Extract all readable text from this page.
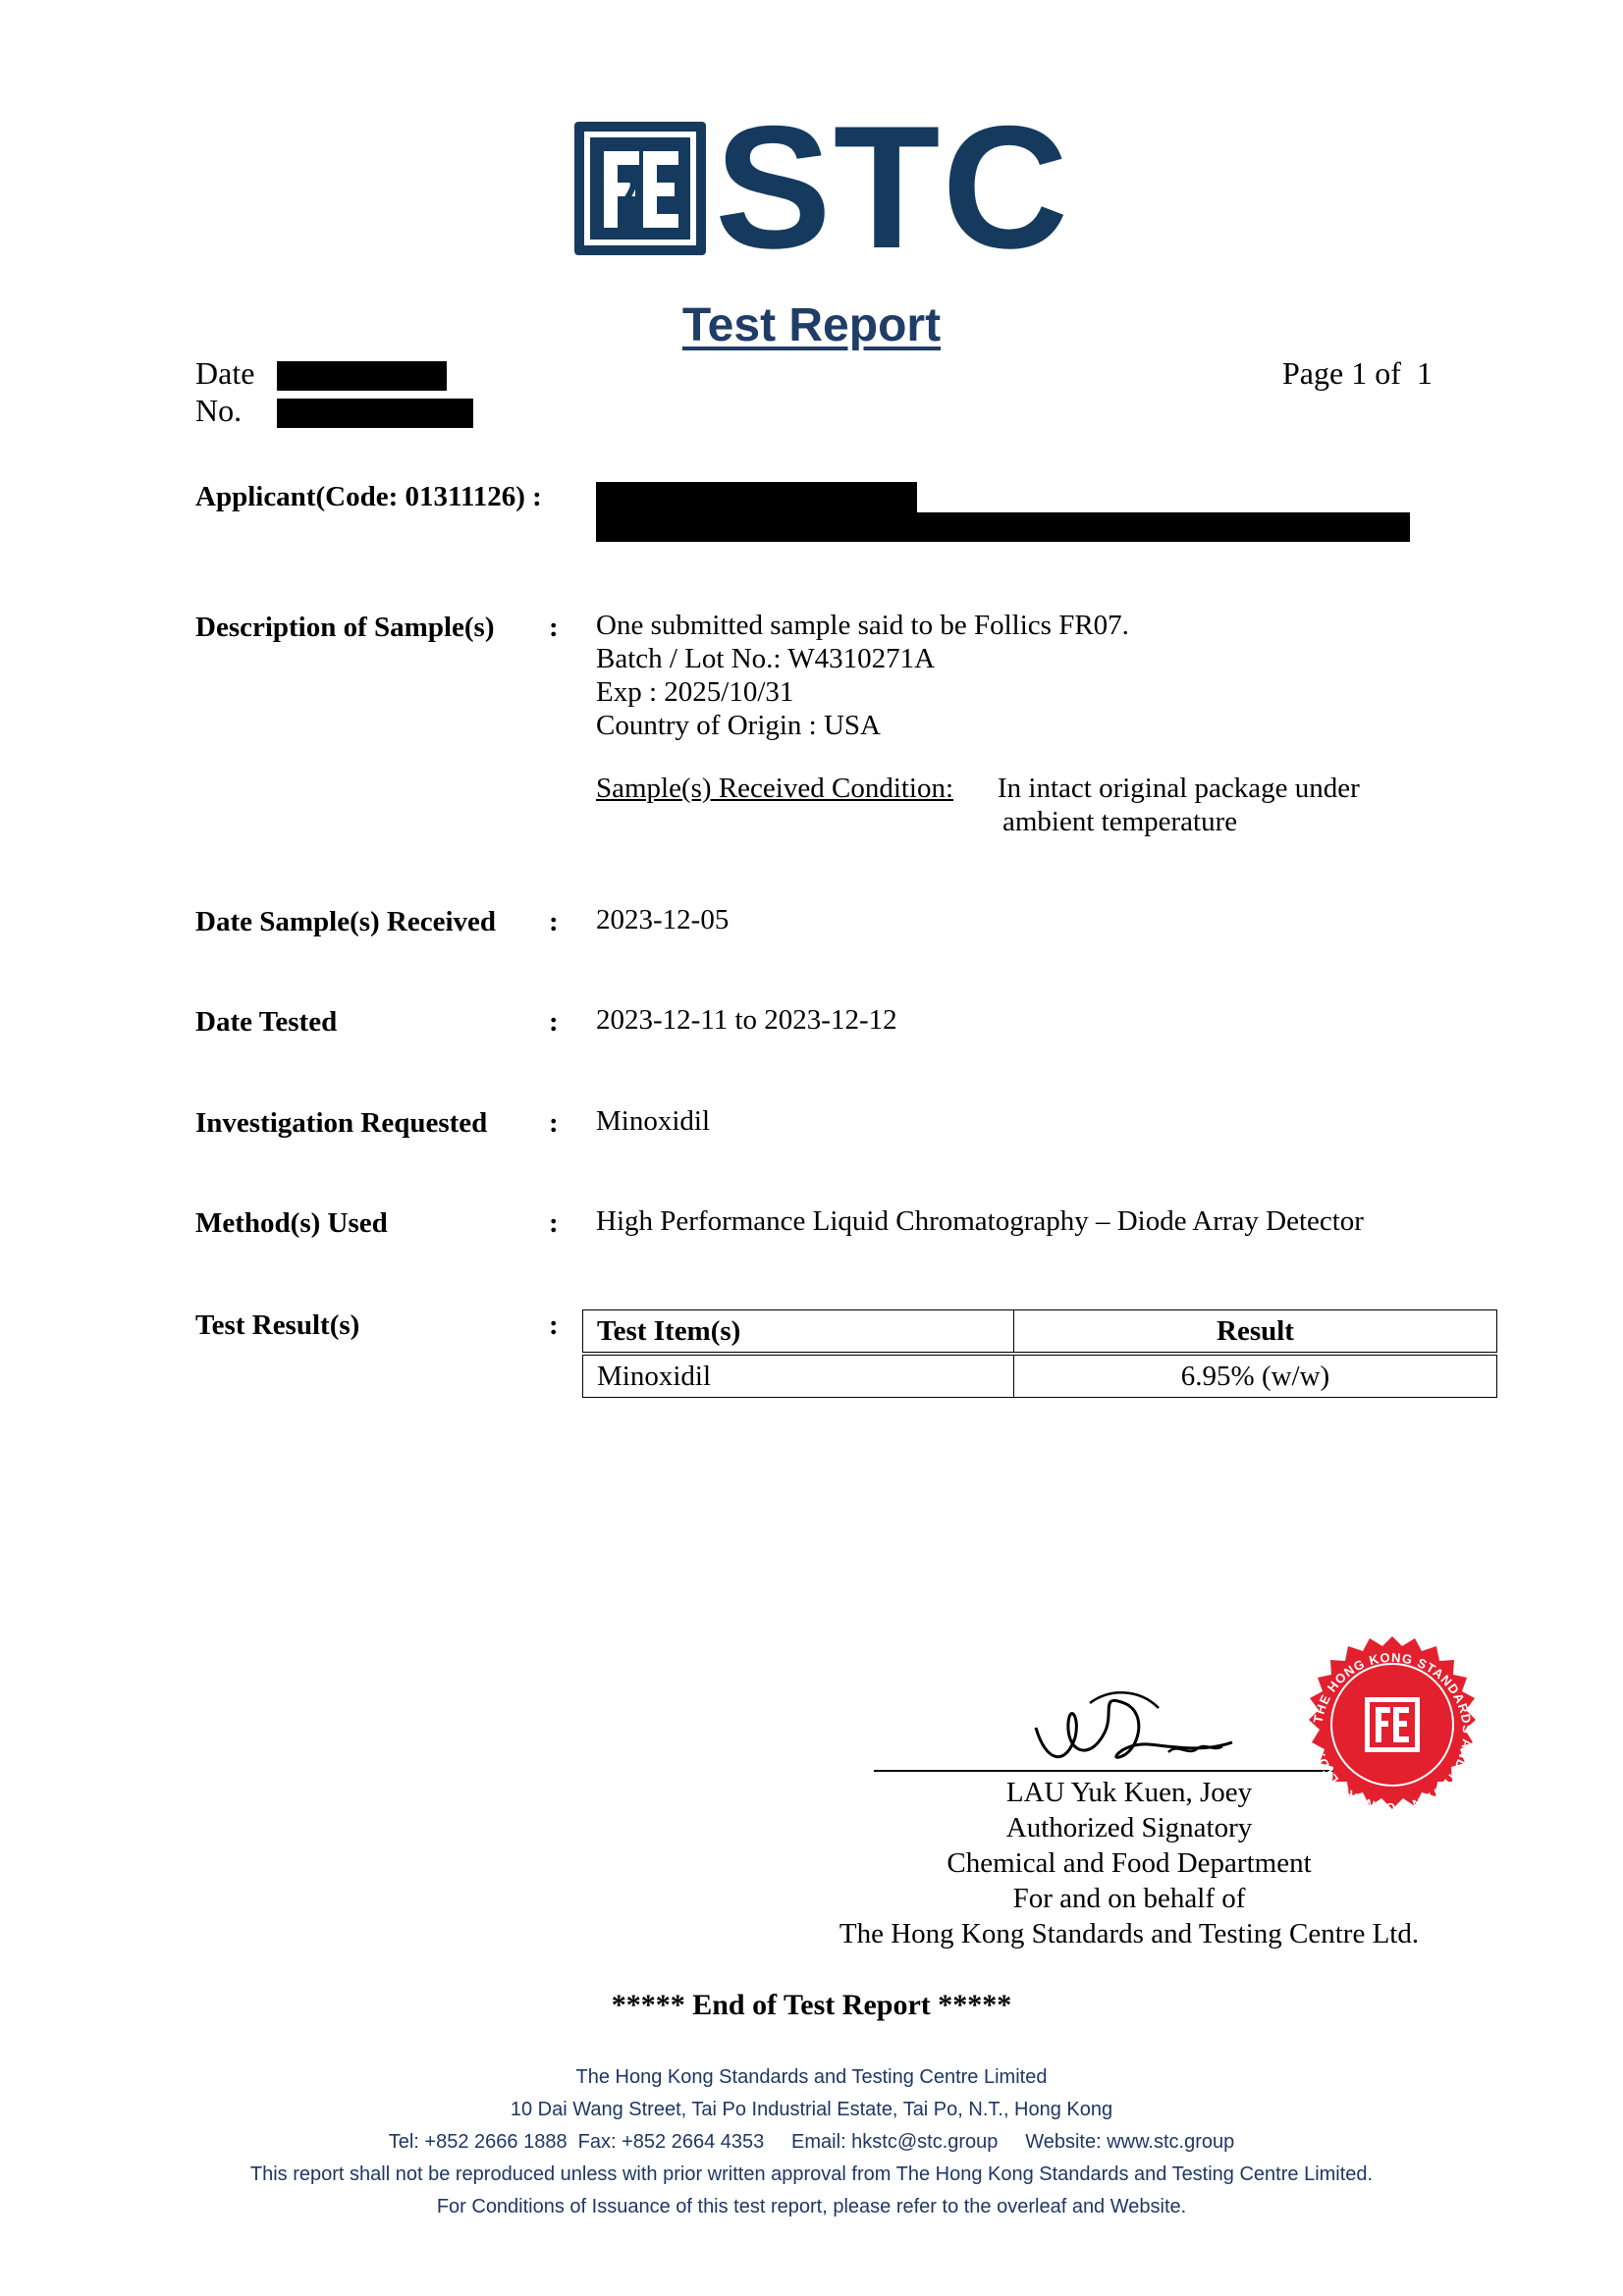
STC
Test Report
Date
No.
Page 1 of  1
Applicant(Code: 01311126) :
Description of Sample(s) : One submitted sample said to be Follics FR07.
Batch / Lot No.: W4310271A
Exp : 2025/10/31
Country of Origin : USA
Sample(s) Received Condition: In intact original package under
ambient temperature
Date Sample(s) Received : 2023-12-05
Date Tested	: 2023-12-11 to 2023-12-12
Investigation Requested : Minoxidil
Method(s) Used	: High Performance Liquid Chromatography – Diode Array Detector
Test Result(s)	: Test Item(s)	Result
Minoxidil	6.95% (w/w)
THE HONG KONG STANDARDS AND TESTING CENTRE LTD.
LAU Yuk Kuen, Joey
Authorized Signatory
Chemical and Food Department
For and on behalf of
The Hong Kong Standards and Testing Centre Ltd.
***** End of Test Report *****
The Hong Kong Standards and Testing Centre Limited
10 Dai Wang Street, Tai Po Industrial Estate, Tai Po, N.T., Hong Kong
Tel: +852 2666 1888  Fax: +852 2664 4353     Email: hkstc@stc.group     Website: www.stc.group
This report shall not be reproduced unless with prior written approval from The Hong Kong Standards and Testing Centre Limited.
For Conditions of Issuance of this test report, please refer to the overleaf and Website.
